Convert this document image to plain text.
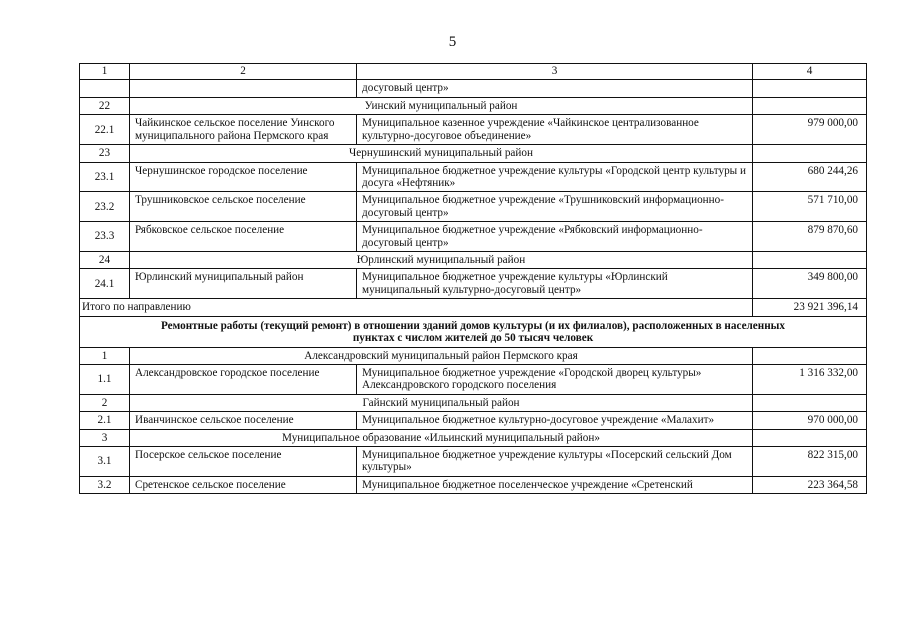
5
1	2	3	4
		досуговый центр»	
22	Уинский муниципальный район		
22.1	Чайкинское сельское поселение Уинского муниципального района Пермского края	Муниципальное казенное учреждение «Чайкинское централизованное культурно-досуговое объединение»	979 000,00
23	Чернушинский муниципальный район		
23.1	Чернушинское городское поселение	Муниципальное бюджетное учреждение культуры «Городской центр культуры и досуга «Нефтяник»	680 244,26
23.2	Трушниковское сельское поселение	Муниципальное бюджетное учреждение «Трушниковский информационно-досуговый центр»	571 710,00
23.3	Рябковское сельское поселение	Муниципальное бюджетное учреждение «Рябковский информационно-досуговый центр»	879 870,60
24	Юрлинский муниципальный район		
24.1	Юрлинский муниципальный район	Муниципальное бюджетное учреждение культуры «Юрлинский муниципальный культурно-досуговый центр»	349 800,00
Итого по направлению			23 921 396,14
Ремонтные работы (текущий ремонт) в отношении зданий домов культуры (и их филиалов), расположенных в населенных пунктах с числом жителей до 50 тысяч человек			
1	Александровский муниципальный район Пермского края		
1.1	Александровское городское поселение	Муниципальное бюджетное учреждение «Городской дворец культуры» Александровского городского поселения	1 316 332,00
2	Гайнский муниципальный район		
2.1	Иванчинское сельское поселение	Муниципальное бюджетное культурно-досуговое учреждение «Малахит»	970 000,00
3	Муниципальное образование «Ильинский муниципальный район»		
3.1	Посерское сельское поселение	Муниципальное бюджетное учреждение культуры «Посерский сельский Дом культуры»	822 315,00
3.2	Сретенское сельское поселение	Муниципальное бюджетное поселенческое учреждение «Сретенский	223 364,58
